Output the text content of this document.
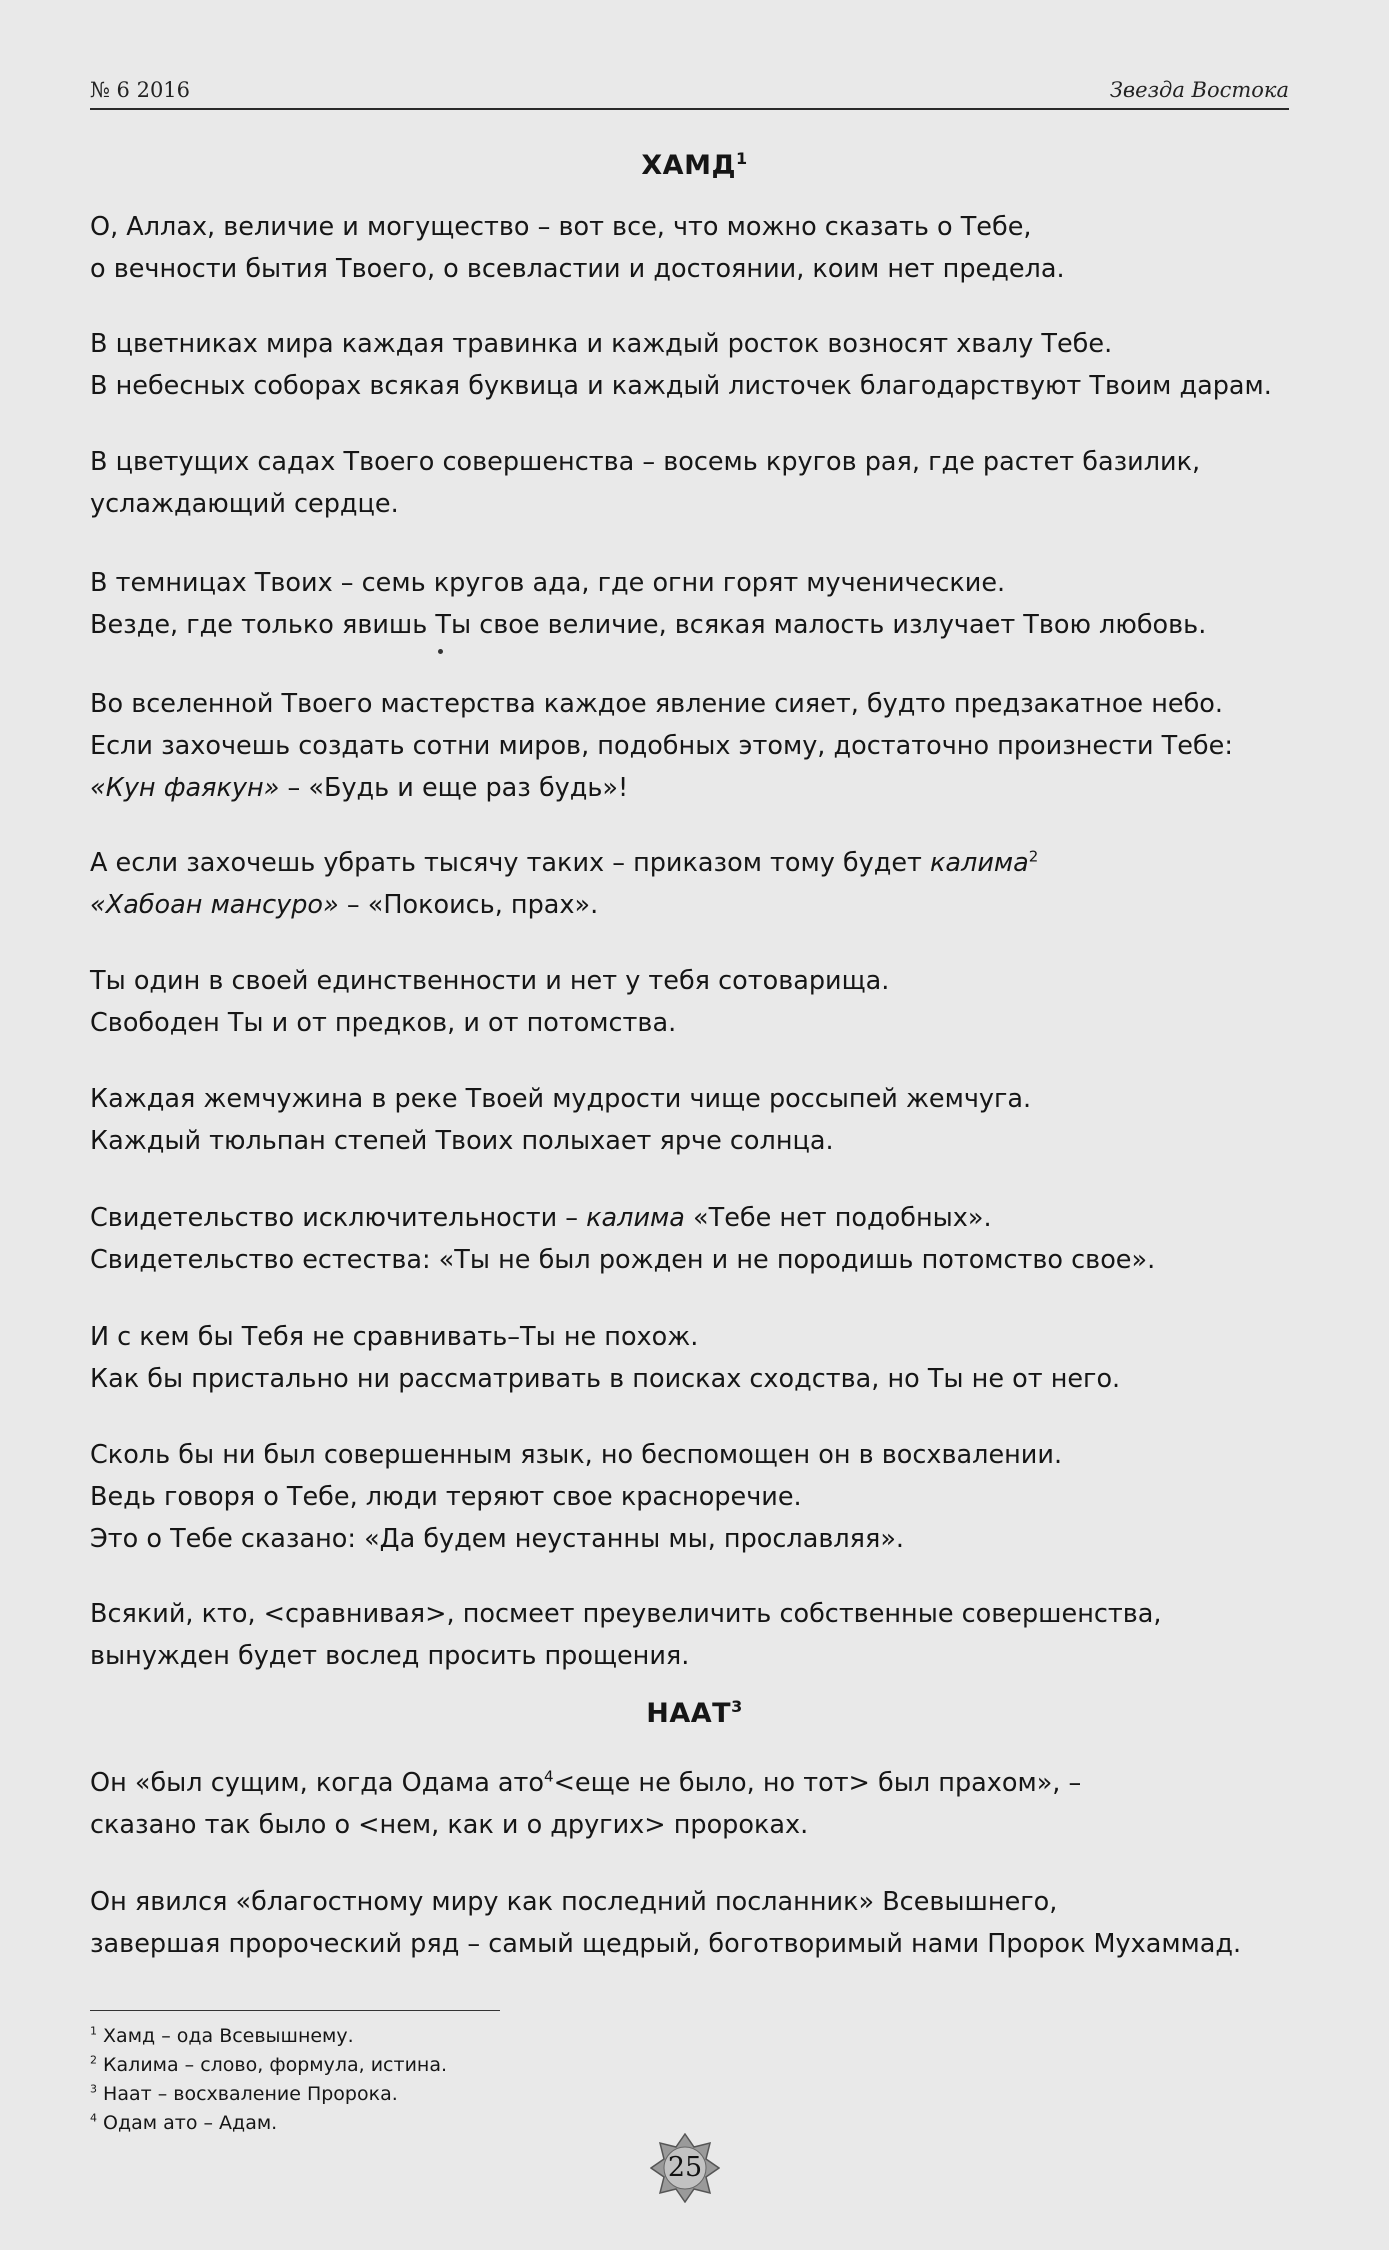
№ 6 2016	Звезда Востока
ХАМД$^1$

О, Аллах, величие и могущество – вот все, что можно сказать о Тебе,

о вечности бытия Твоего, о всевластии и достоянии, коим нет предела.

В цветниках мира каждая травинка и каждый росток возносят хвалу Тебе.

В небесных соборах всякая буквица и каждый листочек благодарствуют Твоим дарам.

В цветущих садах Твоего совершенства – восемь кругов рая, где растет базилик,

услаждающий сердце.

В темницах Твоих – семь кругов ада, где огни горят мученические.

Везде, где только явишь Ты свое величие, всякая малость излучает Твою любовь.

Во вселенной Твоего мастерства каждое явление сияет, будто предзакатное небо.

Если захочешь создать сотни миров, подобных этому, достаточно произнести Тебе:

«Кун фаякун» – «Будь и еще раз будь»!

А если захочешь убрать тысячу таких – приказом тому будет калима$^2$

«Хабоан мансуро» – «Покоись, прах».

Ты один в своей единственности и нет у тебя сотоварища.

Свободен Ты и от предков, и от потомства.

Каждая жемчужина в реке Твоей мудрости чище россыпей жемчуга.

Каждый тюльпан степей Твоих полыхает ярче солнца.

Свидетельство исключительности – калима «Тебе нет подобных».

Свидетельство естества: «Ты не был рожден и не породишь потомство свое».

И с кем бы Тебя не сравнивать–Ты не похож.

Как бы пристально ни рассматривать в поисках сходства, но Ты не от него.

Сколь бы ни был совершенным язык, но беспомощен он в восхвалении.

Ведь говоря о Тебе, люди теряют свое красноречие.

Это о Тебе сказано: «Да будем неустанны мы, прославляя».

Всякий, кто, <сравнивая>, посмеет преувеличить собственные совершенства,

вынужден будет вослед просить прощения.

НААТ$^3$

Он «был сущим, когда Одама ато$^4$<еще не было, но тот> был прахом», –

сказано так было о <нем, как и о других> пророках.

Он явился «благостному миру как последний посланник» Всевышнего,

завершая пророческий ряд – самый щедрый, боготворимый нами Пророк Мухаммад.

$^1$ Хамд – ода Всевышнему.

$^2$ Калима – слово, формула, истина.

$^3$ Наат – восхваление Пророка.

$^4$ Одам ато – Адам.

25
